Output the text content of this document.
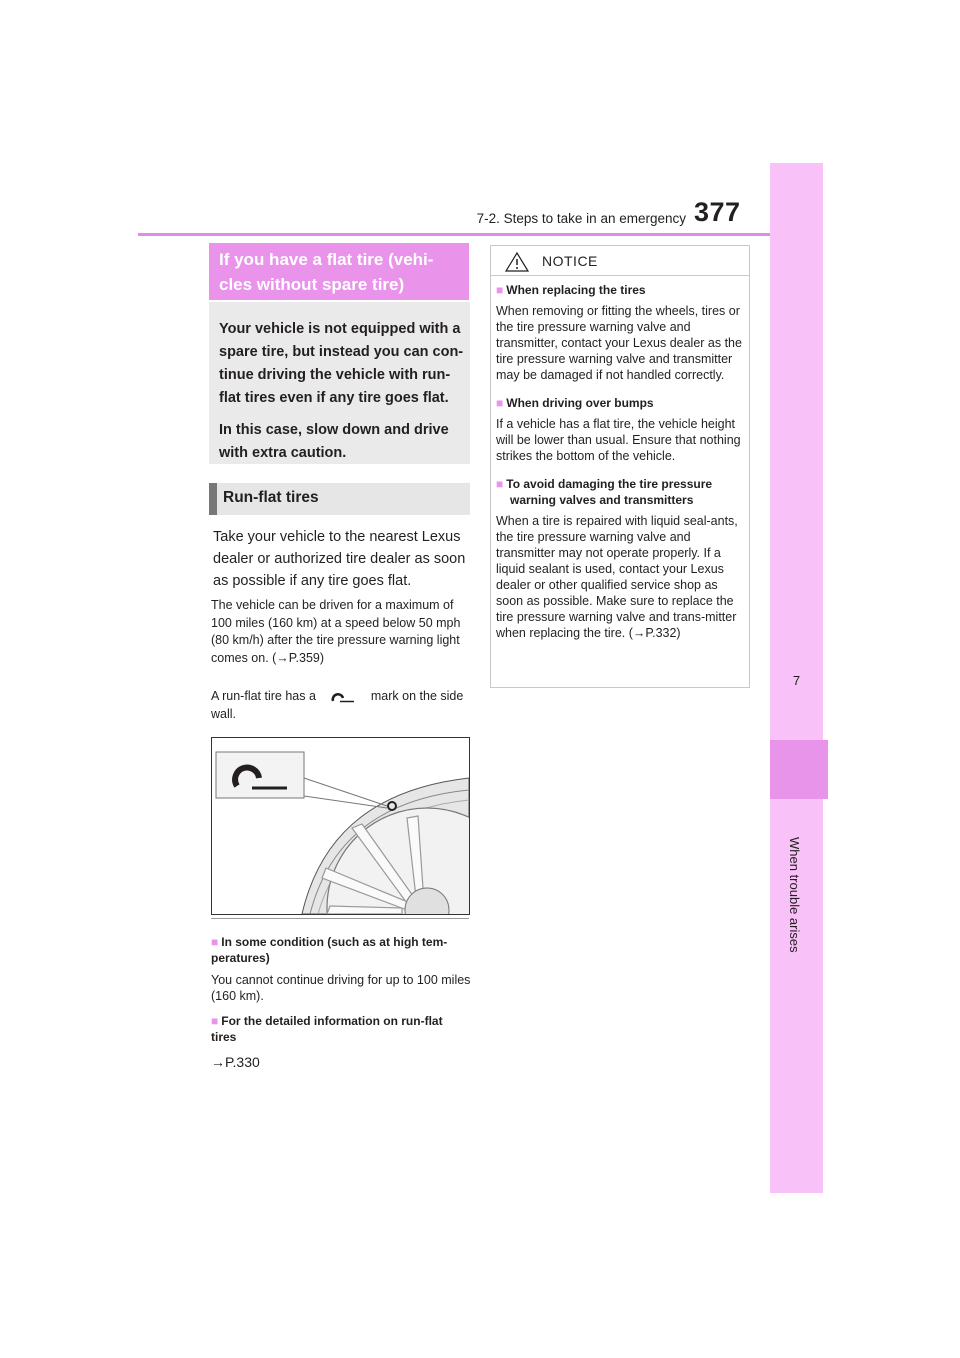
7-2. Steps to take in an emergency 377
7
When trouble arises
If you have a flat tire (vehi-cles without spare tire)

Your vehicle is not equipped with a spare tire, but instead you can con-tinue driving the vehicle with run-flat tires even if any tire goes flat.

In this case, slow down and drive with extra caution.

Run-flat tires
Take your vehicle to the nearest Lexus dealer or authorized tire dealer as soon as possible if any tire goes flat.
The vehicle can be driven for a maximum of 100 miles (160 km) at a speed below 50 mph (80 km/h) after the tire pressure warning light comes on. (→P.359)
A run-flat tire has a	mark on the side wall.
■ In some condition (such as at high tem-peratures)
You cannot continue driving for up to 100 miles (160 km).
■ For the detailed information on run-flat tires
→P.330
NOTICE
■ When replacing the tires
When removing or fitting the wheels, tires or the tire pressure warning valve and transmitter, contact your Lexus dealer as the tire pressure warning valve and transmitter may be damaged if not handled correctly.
■ When driving over bumps
If a vehicle has a flat tire, the vehicle height will be lower than usual. Ensure that nothing strikes the bottom of the vehicle.
■ To avoid damaging the tire pressure warning valves and transmitters
When a tire is repaired with liquid seal-ants, the tire pressure warning valve and transmitter may not operate properly. If a liquid sealant is used, contact your Lexus dealer or other qualified service shop as soon as possible. Make sure to replace the tire pressure warning valve and trans-mitter when replacing the tire. (→P.332)
